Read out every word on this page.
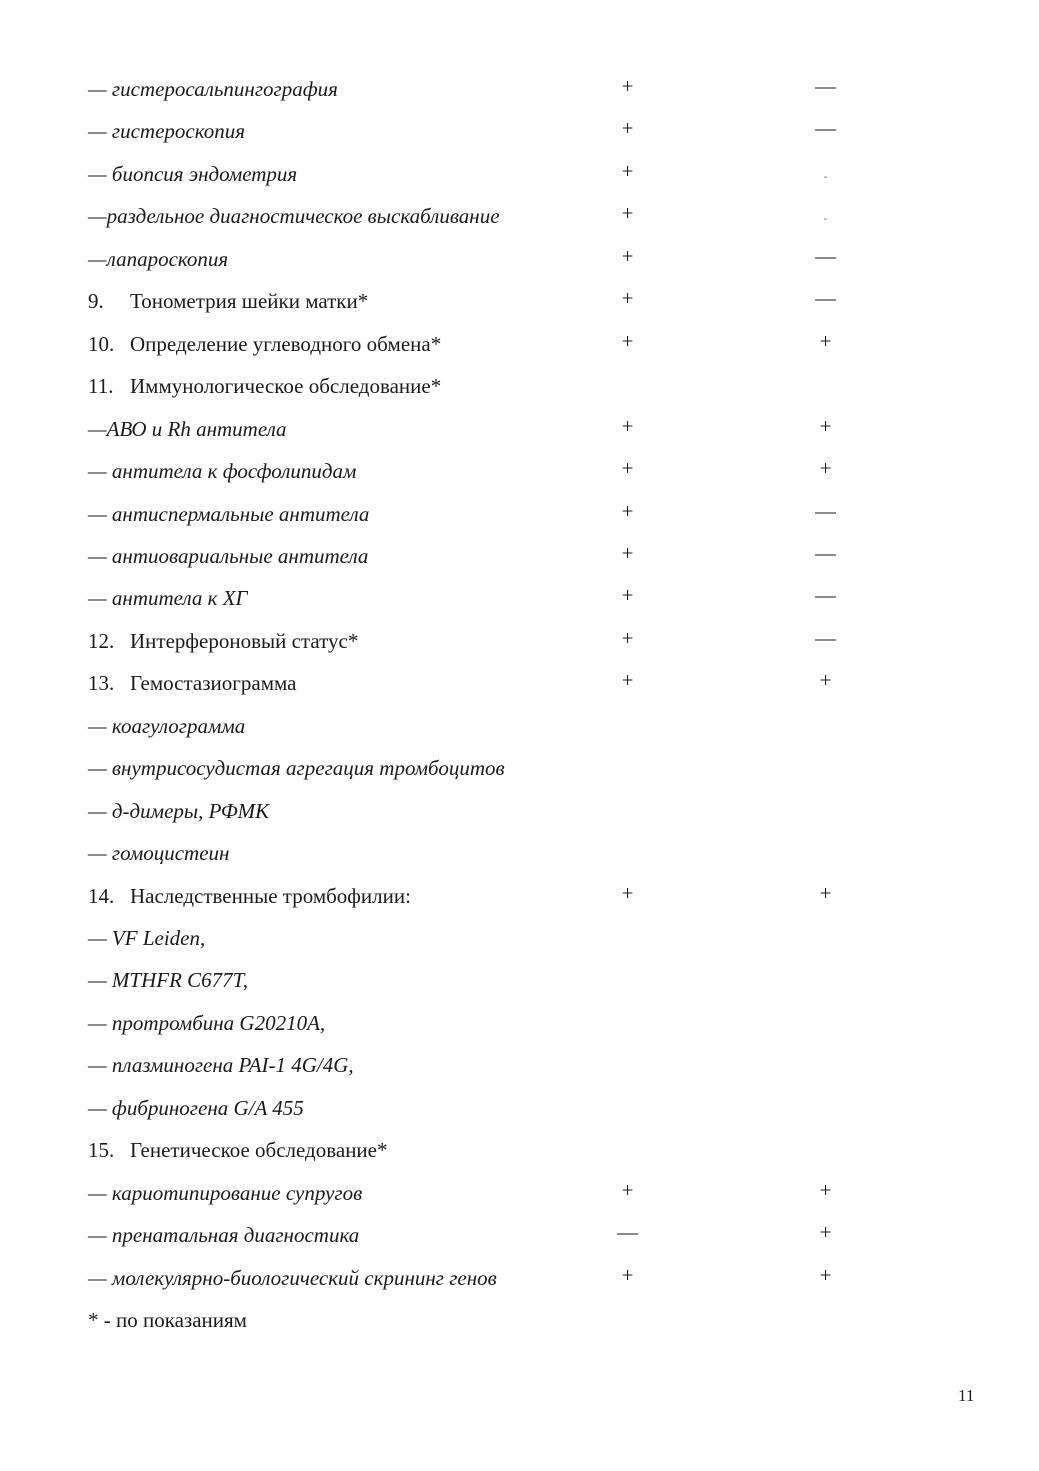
— гистеросальпингография	+	—
— гистероскопия	+	—
— биопсия эндометрия	+	-
—раздельное диагностическое выскабливание	+	-
—лапароскопия	+	—
9. Тонометрия шейки матки*	+	—
10. Определение углеводного обмена*	+	+
11. Иммунологическое обследование*
—АВО и Rh антитела	+	+
— антитела к фосфолипидам	+	+
— антиспермальные антитела	+	—
— антиовариальные антитела	+	—
— антитела к ХГ	+	—
12. Интерфероновый статус*	+	—
13. Гемостазиограмма	+	+
— коагулограмма
— внутрисосудистая агрегация тромбоцитов
— д-димеры, РФМК
— гомоцистеин
14. Наследственные тромбофилии:	+	+
— VF Leiden,
— MTHFR C677T,
— протромбина G20210A,
— плазминогена PAI-1 4G/4G,
— фибриногена G/A 455
15. Генетическое обследование*
— кариотипирование супругов	+	+
— пренатальная диагностика	—	+
— молекулярно-биологический скрининг генов	+	+
* - по показаниям
11
